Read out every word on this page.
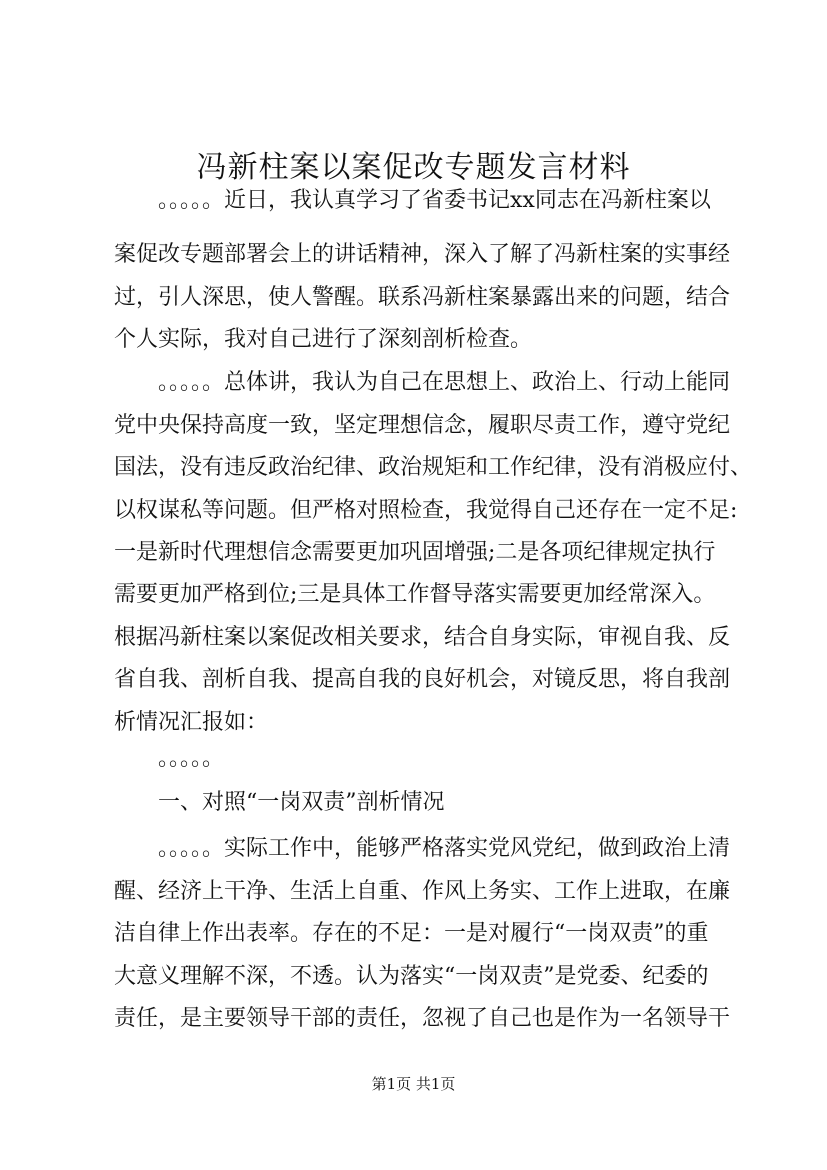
冯新柱案以案促改专题发言材料
。。。。。近日，我认真学习了省委书记xx同志在冯新柱案以
案促改专题部署会上的讲话精神，深入了解了冯新柱案的实事经
过，引人深思，使人警醒。联系冯新柱案暴露出来的问题，结合
个人实际，我对自己进行了深刻剖析检查。
。。。。。总体讲，我认为自己在思想上、政治上、行动上能同
党中央保持高度一致，坚定理想信念，履职尽责工作，遵守党纪
国法，没有违反政治纪律、政治规矩和工作纪律，没有消极应付、
以权谋私等问题。但严格对照检查，我觉得自己还存在一定不足:
一是新时代理想信念需要更加巩固增强;二是各项纪律规定执行
需要更加严格到位;三是具体工作督导落实需要更加经常深入。
根据冯新柱案以案促改相关要求，结合自身实际，审视自我、反
省自我、剖析自我、提高自我的良好机会，对镜反思，将自我剖
析情况汇报如：
。。。。。
一、对照“一岗双责”剖析情况
。。。。。实际工作中，能够严格落实党风党纪，做到政治上清
醒、经济上干净、生活上自重、作风上务实、工作上进取，在廉
洁自律上作出表率。存在的不足：一是对履行“一岗双责”的重
大意义理解不深，不透。认为落实“一岗双责”是党委、纪委的
责任，是主要领导干部的责任，忽视了自己也是作为一名领导干
第1页 共1页
